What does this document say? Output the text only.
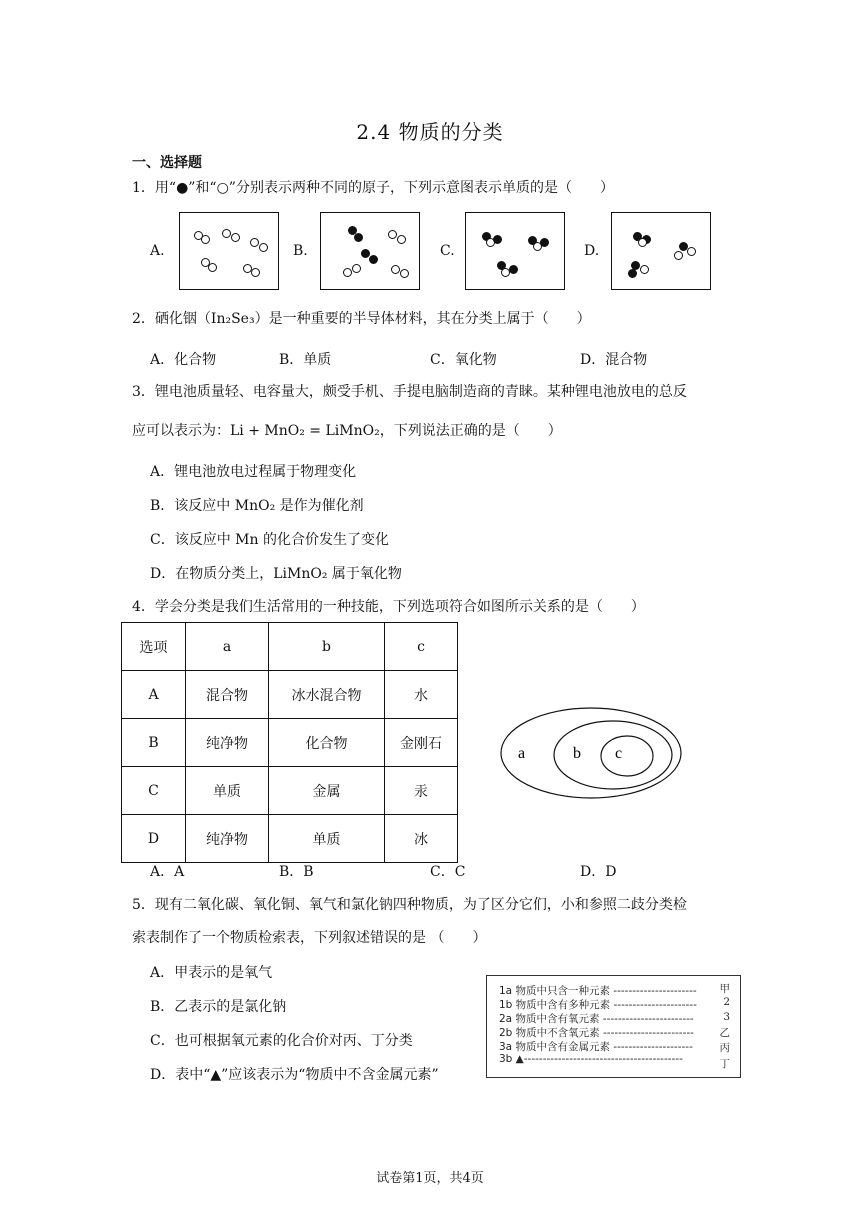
2.4 物质的分类
一、选择题
1．用“●”和“○”分别表示两种不同的原子，下列示意图表示单质的是（　　）
A.	B.	C.	D.
2．硒化铟（In₂Se₃）是一种重要的半导体材料，其在分类上属于（　　）
A．化合物	B．单质	C．氧化物	D．混合物
3．锂电池质量轻、电容量大，颇受手机、手提电脑制造商的青睐。某种锂电池放电的总反
应可以表示为：Li + MnO₂ = LiMnO₂，下列说法正确的是（　　）
A．锂电池放电过程属于物理变化
B．该反应中 MnO₂ 是作为催化剂
C．该反应中 Mn 的化合价发生了变化
D．在物质分类上，LiMnO₂ 属于氧化物
4．学会分类是我们生活常用的一种技能，下列选项符合如图所示关系的是（　　）
选项	a	b	c
A	混合物	冰水混合物	水
B	纯净物	化合物	金刚石
C	单质	金属	汞
D	纯净物	单质	冰
a	b c
A．A	B．B	C．C	D．D
5．现有二氧化碳、氧化铜、氧气和氯化钠四种物质，为了区分它们，小和参照二歧分类检
索表制作了一个物质检索表，下列叙述错误的是 （　　）
A．甲表示的是氧气
B．乙表示的是氯化钠
C．也可根据氧元素的化合价对丙、丁分类
D．表中“▲”应该表示为“物质中不含金属元素”
1a 物质中只含一种元素 ---------------------- 甲
1b 物质中含有多种元素 ----------------------	2
2a 物质中含有氧元素 ------------------------	3
2b 物质中不含氧元素 ------------------------ 乙
3a 物质中含有金属元素 ---------------------	丙
3b ▲------------------------------------------	丁
试卷第1页，共4页
